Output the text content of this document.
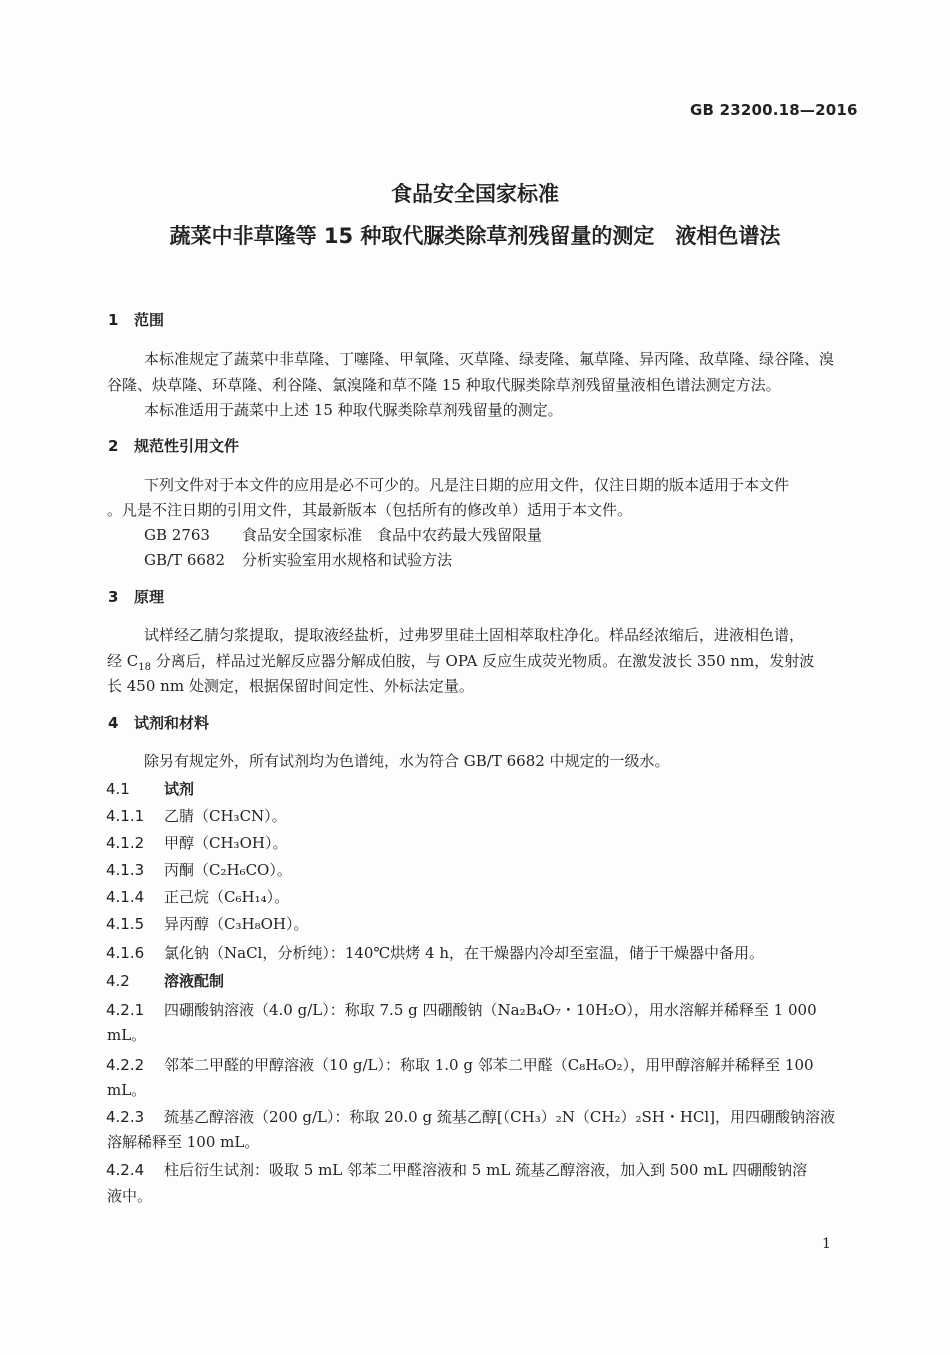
GB 23200.18—2016
食品安全国家标准
蔬菜中非草隆等 15 种取代脲类除草剂残留量的测定　液相色谱法
1 范围
本标准规定了蔬菜中非草隆、丁噻隆、甲氧隆、灭草隆、绿麦隆、氟草隆、异丙隆、敌草隆、绿谷隆、溴
谷隆、炔草隆、环草隆、利谷隆、氯溴隆和草不隆 15 种取代脲类除草剂残留量液相色谱法测定方法。
本标准适用于蔬菜中上述 15 种取代脲类除草剂残留量的测定。
2 规范性引用文件
下列文件对于本文件的应用是必不可少的。凡是注日期的应用文件，仅注日期的版本适用于本文件
。凡是不注日期的引用文件，其最新版本（包括所有的修改单）适用于本文件。
GB 2763 食品安全国家标准　食品中农药最大残留限量
GB/T 6682 分析实验室用水规格和试验方法
3 原理
试样经乙腈匀浆提取，提取液经盐析，过弗罗里硅土固相萃取柱净化。样品经浓缩后，进液相色谱，
经 $C_{18}$ 分离后，样品过光解反应器分解成伯胺，与 OPA 反应生成荧光物质。在激发波长 350 nm，发射波
长 450 nm 处测定，根据保留时间定性、外标法定量。
4 试剂和材料
除另有规定外，所有试剂均为色谱纯，水为符合 GB/T 6682 中规定的一级水。
4.1 试剂
4.1.1 乙腈（CH₃CN）。
4.1.2 甲醇（CH₃OH）。
4.1.3 丙酮（C₂H₆CO）。
4.1.4 正己烷（C₆H₁₄）。
4.1.5 异丙醇（C₃H₈OH）。
4.1.6 氯化钠（NaCl，分析纯）：140℃烘烤 4 h，在干燥器内冷却至室温，储于干燥器中备用。
4.2 溶液配制
4.2.1 四硼酸钠溶液（4.0 g/L）：称取 7.5 g 四硼酸钠（Na₂B₄O₇・10H₂O），用水溶解并稀释至 1 000
mL。
4.2.2 邻苯二甲醛的甲醇溶液（10 g/L）：称取 1.0 g 邻苯二甲醛（C₈H₆O₂），用甲醇溶解并稀释至 100
mL。
4.2.3 巯基乙醇溶液（200 g/L）：称取 20.0 g 巯基乙醇[（CH₃）₂N（CH₂）₂SH・HCl]，用四硼酸钠溶液
溶解稀释至 100 mL。
4.2.4 柱后衍生试剂：吸取 5 mL 邻苯二甲醛溶液和 5 mL 巯基乙醇溶液，加入到 500 mL 四硼酸钠溶
液中。
1
